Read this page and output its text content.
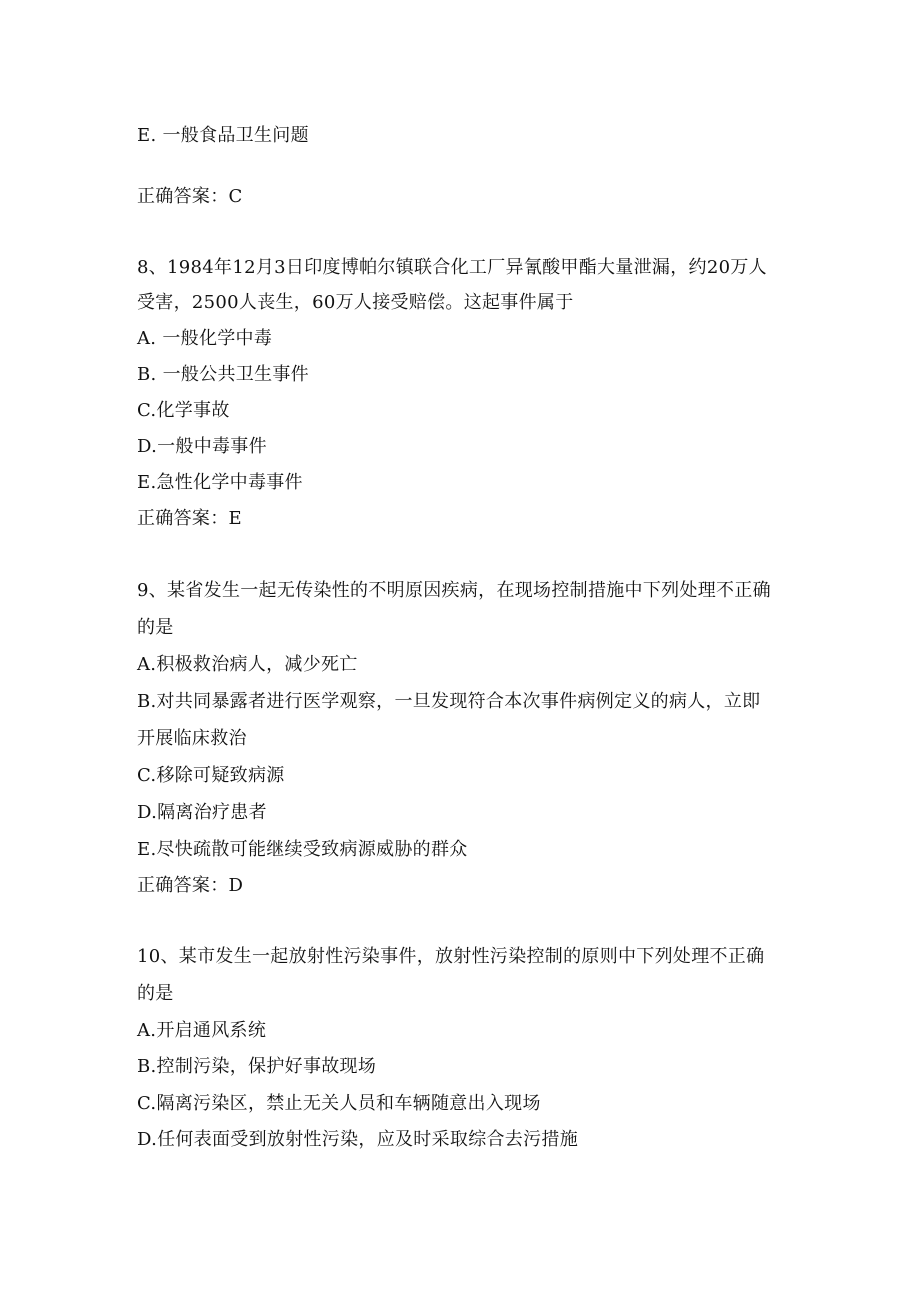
E. 一般食品卫生问题
正确答案：C
8、1984年12月3日印度博帕尔镇联合化工厂异氰酸甲酯大量泄漏，约20万人
受害，2500人丧生，60万人接受赔偿。这起事件属于
A. 一般化学中毒
B. 一般公共卫生事件
C.化学事故
D.一般中毒事件
E.急性化学中毒事件
正确答案：E
9、某省发生一起无传染性的不明原因疾病，在现场控制措施中下列处理不正确
的是
A.积极救治病人，减少死亡
B.对共同暴露者进行医学观察，一旦发现符合本次事件病例定义的病人，立即
开展临床救治
C.移除可疑致病源
D.隔离治疗患者
E.尽快疏散可能继续受致病源威胁的群众
正确答案：D
10、某市发生一起放射性污染事件，放射性污染控制的原则中下列处理不正确
的是
A.开启通风系统
B.控制污染，保护好事故现场
C.隔离污染区，禁止无关人员和车辆随意出入现场
D.任何表面受到放射性污染，应及时采取综合去污措施
